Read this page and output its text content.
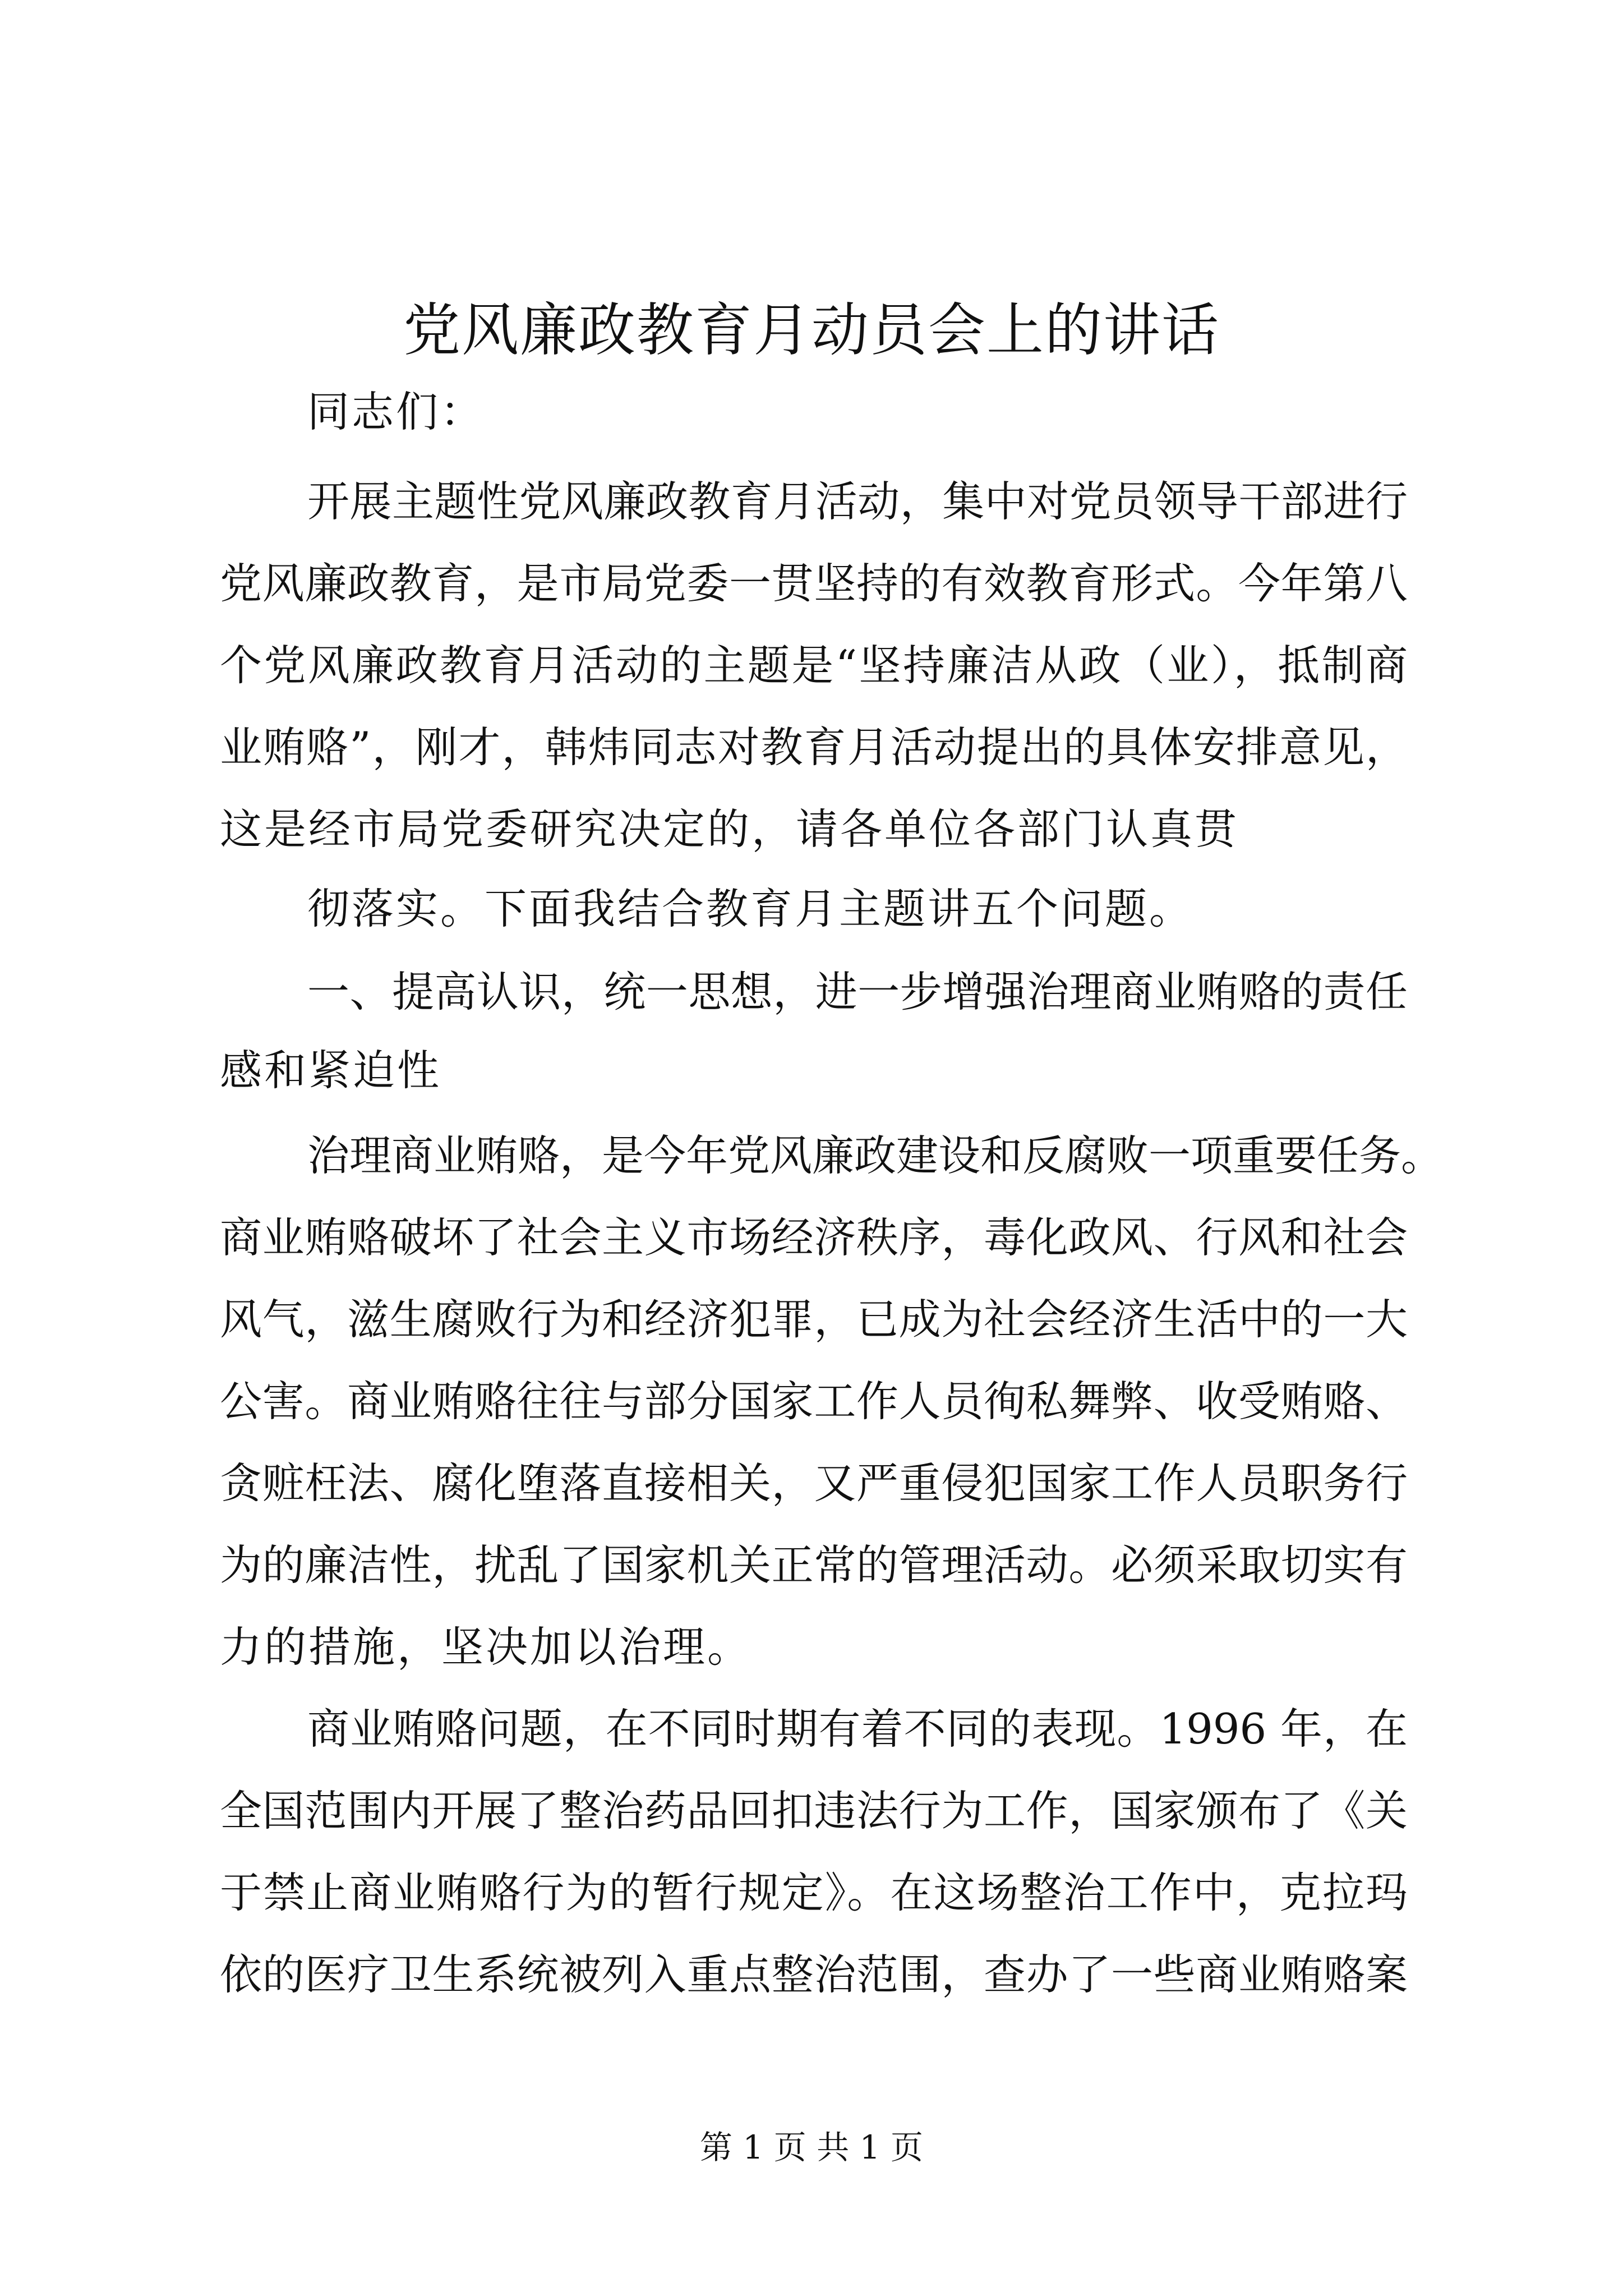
党风廉政教育月动员会上的讲话
同志们：
开展主题性党风廉政教育月活动，集中对党员领导干部进行
党风廉政教育，是市局党委一贯坚持的有效教育形式。今年第八
个党风廉政教育月活动的主题是“坚持廉洁从政（业），抵制商
业贿赂”，刚才，韩炜同志对教育月活动提出的具体安排意见，
这是经市局党委研究决定的，请各单位各部门认真贯
彻落实。下面我结合教育月主题讲五个问题。
一、提高认识，统一思想，进一步增强治理商业贿赂的责任
感和紧迫性
治理商业贿赂，是今年党风廉政建设和反腐败一项重要任务。
商业贿赂破坏了社会主义市场经济秩序，毒化政风、行风和社会
风气，滋生腐败行为和经济犯罪，已成为社会经济生活中的一大
公害。商业贿赂往往与部分国家工作人员徇私舞弊、收受贿赂、
贪赃枉法、腐化堕落直接相关，又严重侵犯国家工作人员职务行
为的廉洁性，扰乱了国家机关正常的管理活动。必须采取切实有
力的措施，坚决加以治理。
商业贿赂问题，在不同时期有着不同的表现。1996 年，在
全国范围内开展了整治药品回扣违法行为工作，国家颁布了《关
于禁止商业贿赂行为的暂行规定》。在这场整治工作中，克拉玛
依的医疗卫生系统被列入重点整治范围，查办了一些商业贿赂案
第 1 页 共 1 页
